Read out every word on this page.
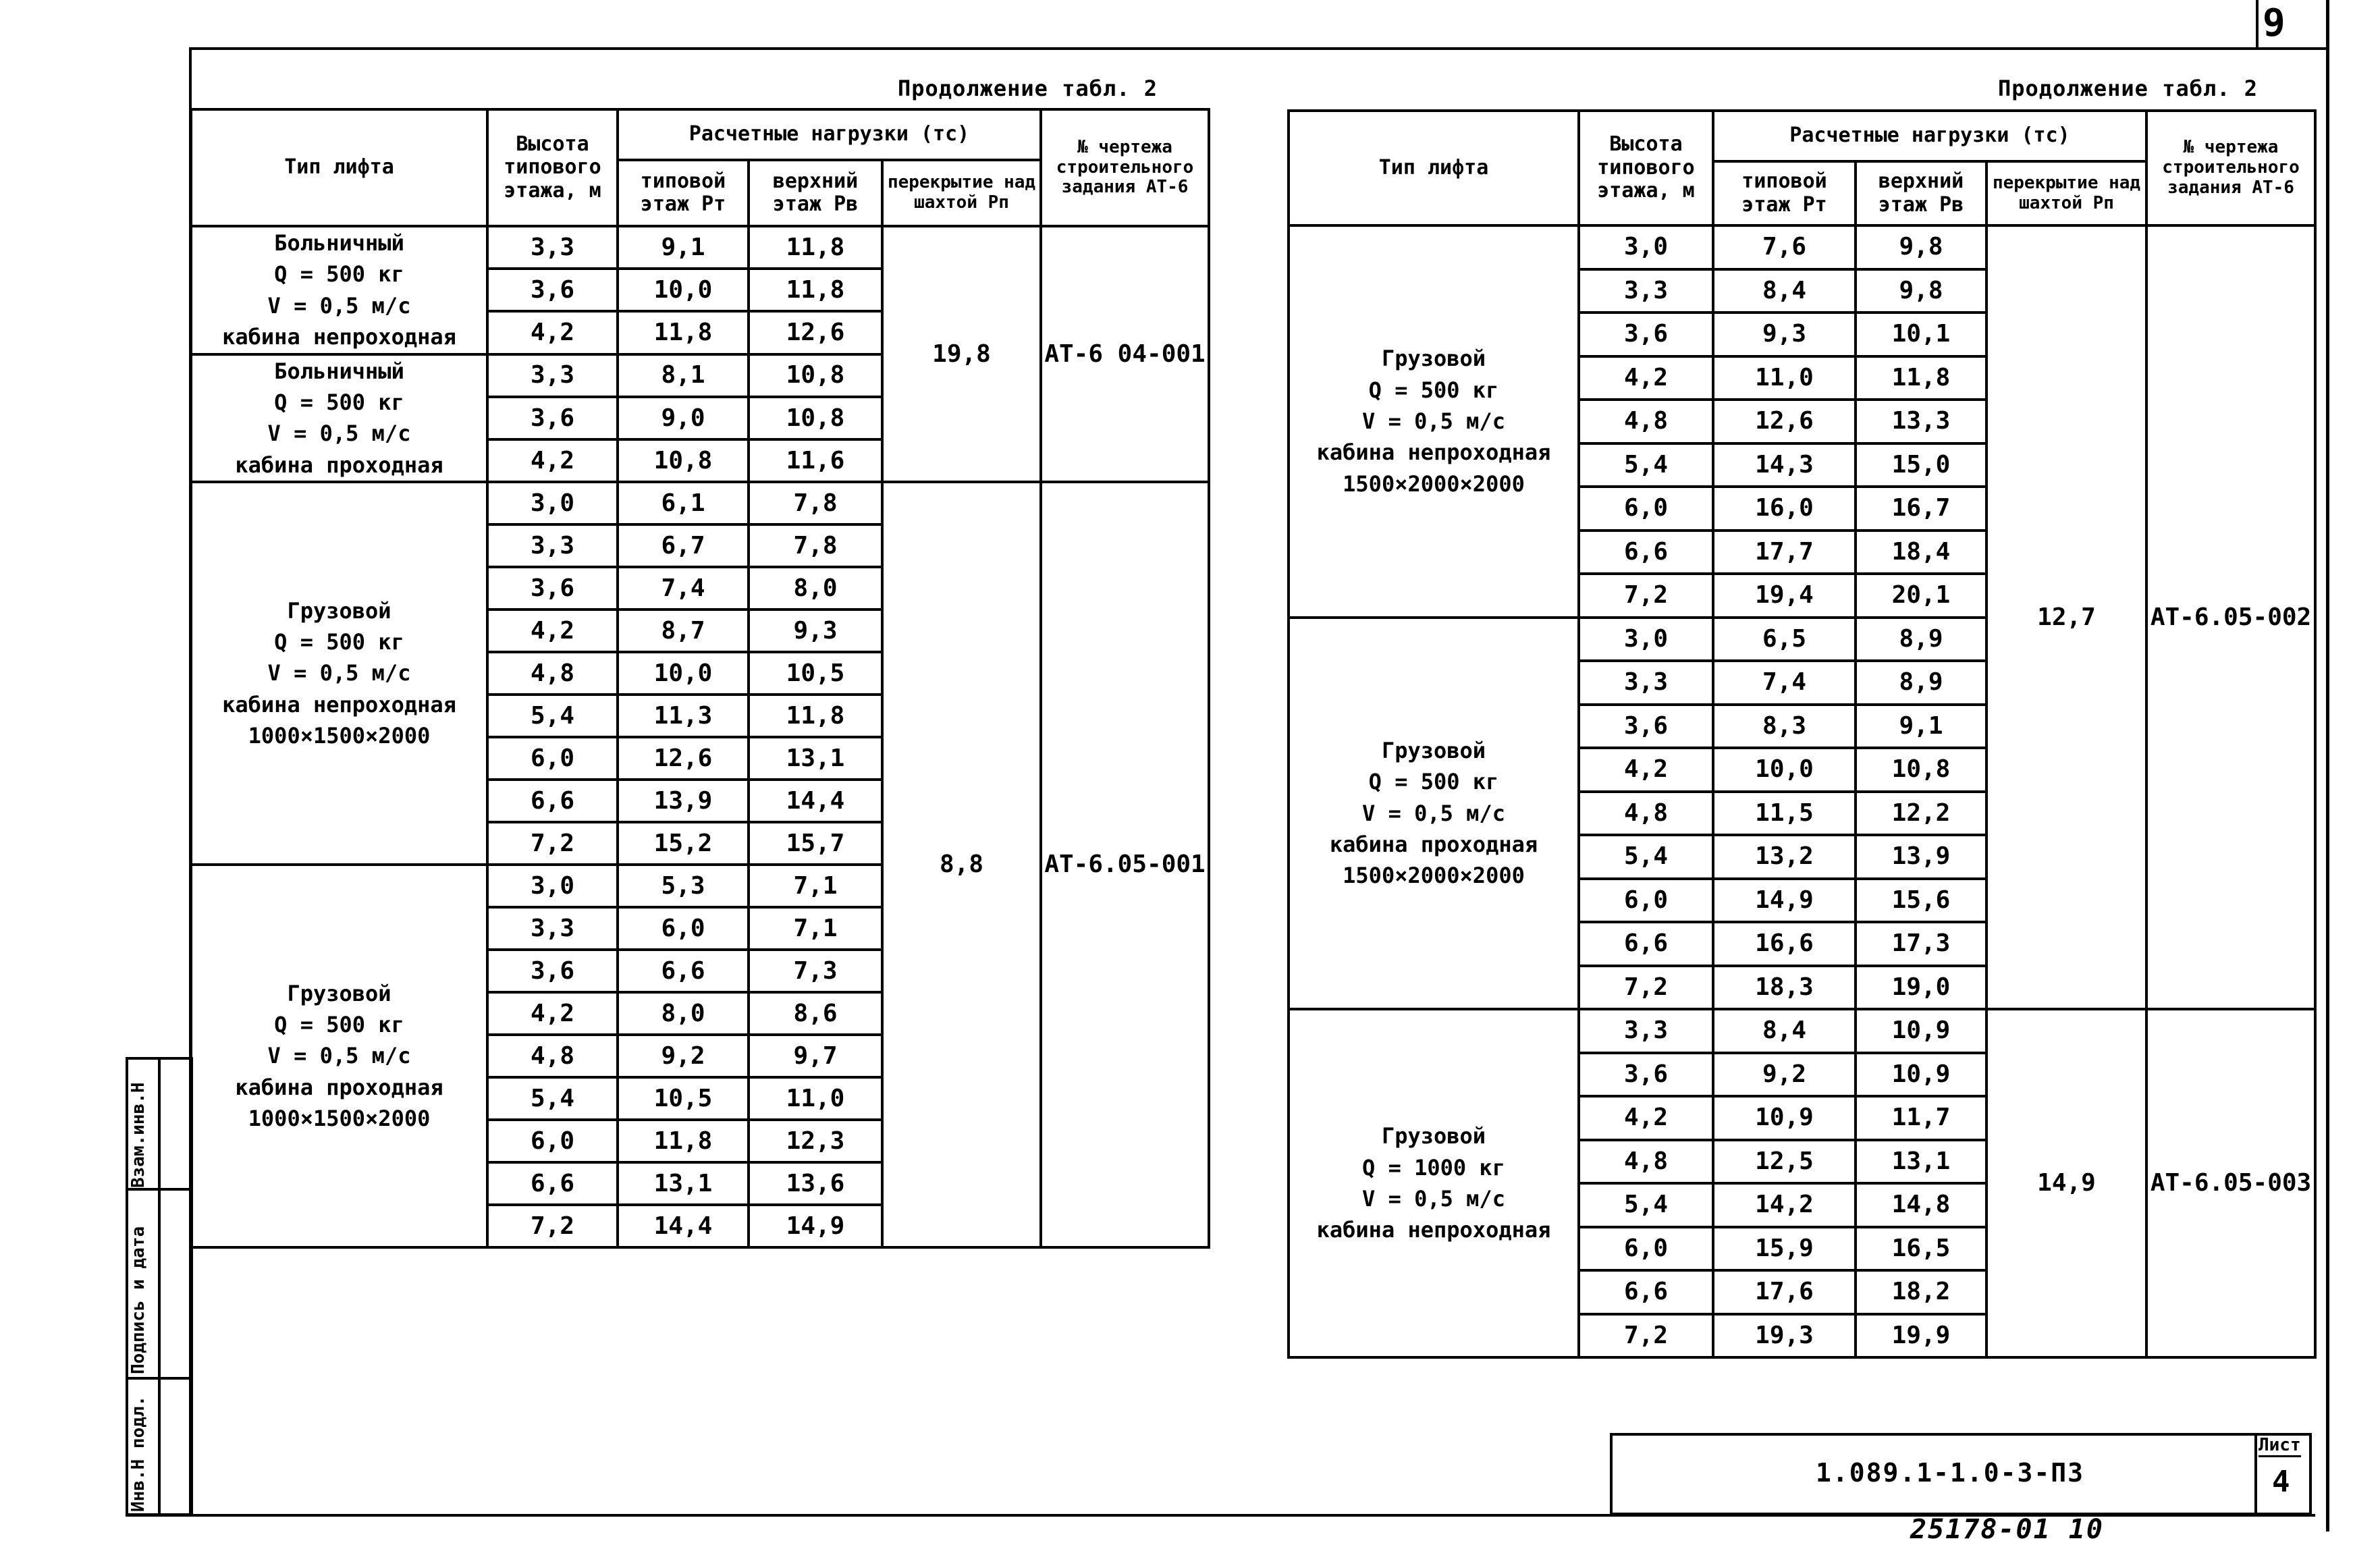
9
Продолжение табл. 2	Продолжение табл. 2
Тип лифта	Высота типового этажа, м	Расчетные нагрузки (тс)			№ чертежа строительного задания АТ-6
		типовой этаж Рт	верхний этаж Рв	перекрытие над шахтой Рп	

Больничный
Q = 500 кг
V = 0,5 м/с
кабина непроходная	3,3	9,1	11,8	19,8	АТ-6 04-001
	3,6	10,0	11,8		
	4,2	11,8	12,6		

Больничный
Q = 500 кг
V = 0,5 м/с
кабина проходная	3,3	8,1	10,8		
	3,6	9,0	10,8		
	4,2	10,8	11,6		

Грузовой
Q = 500 кг
V = 0,5 м/с
кабина непроходная
1000×1500×2000	3,0	6,1	7,8	8,8	АТ-6.05-001
	3,3	6,7	7,8		
	3,6	7,4	8,0		
	4,2	8,7	9,3		
	4,8	10,0	10,5		
	5,4	11,3	11,8		
	6,0	12,6	13,1		
	6,6	13,9	14,4		
	7,2	15,2	15,7		

Грузовой
Q = 500 кг
V = 0,5 м/с
кабина проходная
1000×1500×2000	3,0	5,3	7,1		
	3,3	6,0	7,1		
	3,6	6,6	7,3		
	4,2	8,0	8,6		
	4,8	9,2	9,7		
	5,4	10,5	11,0		
	6,0	11,8	12,3		
	6,6	13,1	13,6		
	7,2	14,4	14,9		
Тип лифта	Высота типового этажа, м	Расчетные нагрузки (тс)			№ чертежа строительного задания АТ-6
		типовой этаж Рт	верхний этаж Рв	перекрытие над шахтой Рп	

Грузовой
Q = 500 кг
V = 0,5 м/с
кабина непроходная
1500×2000×2000	3,0	7,6	9,8	12,7	АТ-6.05-002
	3,3	8,4	9,8		
	3,6	9,3	10,1		
	4,2	11,0	11,8		
	4,8	12,6	13,3		
	5,4	14,3	15,0		
	6,0	16,0	16,7		
	6,6	17,7	18,4		
	7,2	19,4	20,1		

Грузовой
Q = 500 кг
V = 0,5 м/с
кабина проходная
1500×2000×2000	3,0	6,5	8,9		
	3,3	7,4	8,9		
	3,6	8,3	9,1		
	4,2	10,0	10,8		
	4,8	11,5	12,2		
	5,4	13,2	13,9		
	6,0	14,9	15,6		
	6,6	16,6	17,3		
	7,2	18,3	19,0		

Грузовой
Q = 1000 кг
V = 0,5 м/с
кабина непроходная	3,3	8,4	10,9	14,9	АТ-6.05-003
	3,6	9,2	10,9		
	4,2	10,9	11,7		
	4,8	12,5	13,1		
	5,4	14,2	14,8		
	6,0	15,9	16,5		
	6,6	17,6	18,2		
	7,2	19,3	19,9		
Взам.инв.Н
Подпись и дата
Инв.Н подл.	1.089.1-1.0-3-ПЗ
Лист
4
25178-01 10
